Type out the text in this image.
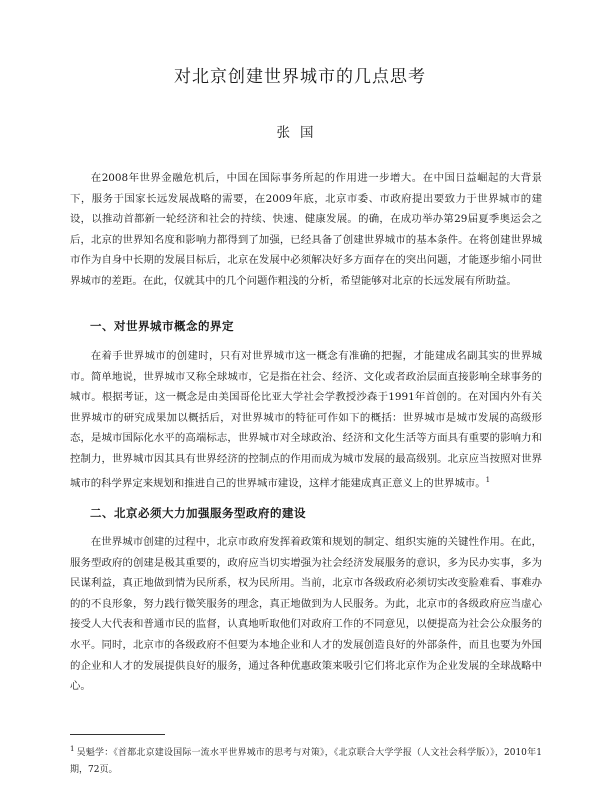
对北京创建世界城市的几点思考
张国

在2008年世界金融危机后，中国在国际事务所起的作用进一步增大。在中国日益崛起的大背景下，服务于国家长远发展战略的需要，在2009年底，北京市委、市政府提出要致力于世界城市的建设，以推动首都新一轮经济和社会的持续、快速、健康发展。的确，在成功举办第29届夏季奥运会之后，北京的世界知名度和影响力都得到了加强，已经具备了创建世界城市的基本条件。在将创建世界城市作为自身中长期的发展目标后，北京在发展中必须解决好多方面存在的突出问题，才能逐步缩小同世界城市的差距。在此，仅就其中的几个问题作粗浅的分析，希望能够对北京的长远发展有所助益。

一、对世界城市概念的界定

在着手世界城市的创建时，只有对世界城市这一概念有准确的把握，才能建成名副其实的世界城市。简单地说，世界城市又称全球城市，它是指在社会、经济、文化或者政治层面直接影响全球事务的城市。根据考证，这一概念是由美国哥伦比亚大学社会学教授沙森于1991年首创的。在对国内外有关世界城市的研究成果加以概括后，对世界城市的特征可作如下的概括：世界城市是城市发展的高级形态，是城市国际化水平的高端标志，世界城市对全球政治、经济和文化生活等方面具有重要的影响力和控制力，世界城市因其具有世界经济的控制点的作用而成为城市发展的最高级别。北京应当按照对世界城市的科学界定来规划和推进自己的世界城市建设，这样才能建成真正意义上的世界城市。$^1$

二、北京必须大力加强服务型政府的建设

在世界城市创建的过程中，北京市政府发挥着政策和规划的制定、组织实施的关键性作用。在此，服务型政府的创建是极其重要的，政府应当切实增强为社会经济发展服务的意识，多为民办实事，多为民谋利益，真正地做到情为民所系，权为民所用。当前，北京市各级政府必须切实改变脸难看、事难办的的不良形象，努力践行微笑服务的理念，真正地做到为人民服务。为此，北京市的各级政府应当虚心接受人大代表和普通市民的监督，认真地听取他们对政府工作的不同意见，以便提高为社会公众服务的水平。同时，北京市的各级政府不但要为本地企业和人才的发展创造良好的外部条件，而且也要为外国的企业和人才的发展提供良好的服务，通过各种优惠政策来吸引它们将北京作为企业发展的全球战略中心。

$^1$ 吴魁学：《首都北京建设国际一流水平世界城市的思考与对策》，《北京联合大学学报（人文社会科学版）》，2010年1期，72页。
